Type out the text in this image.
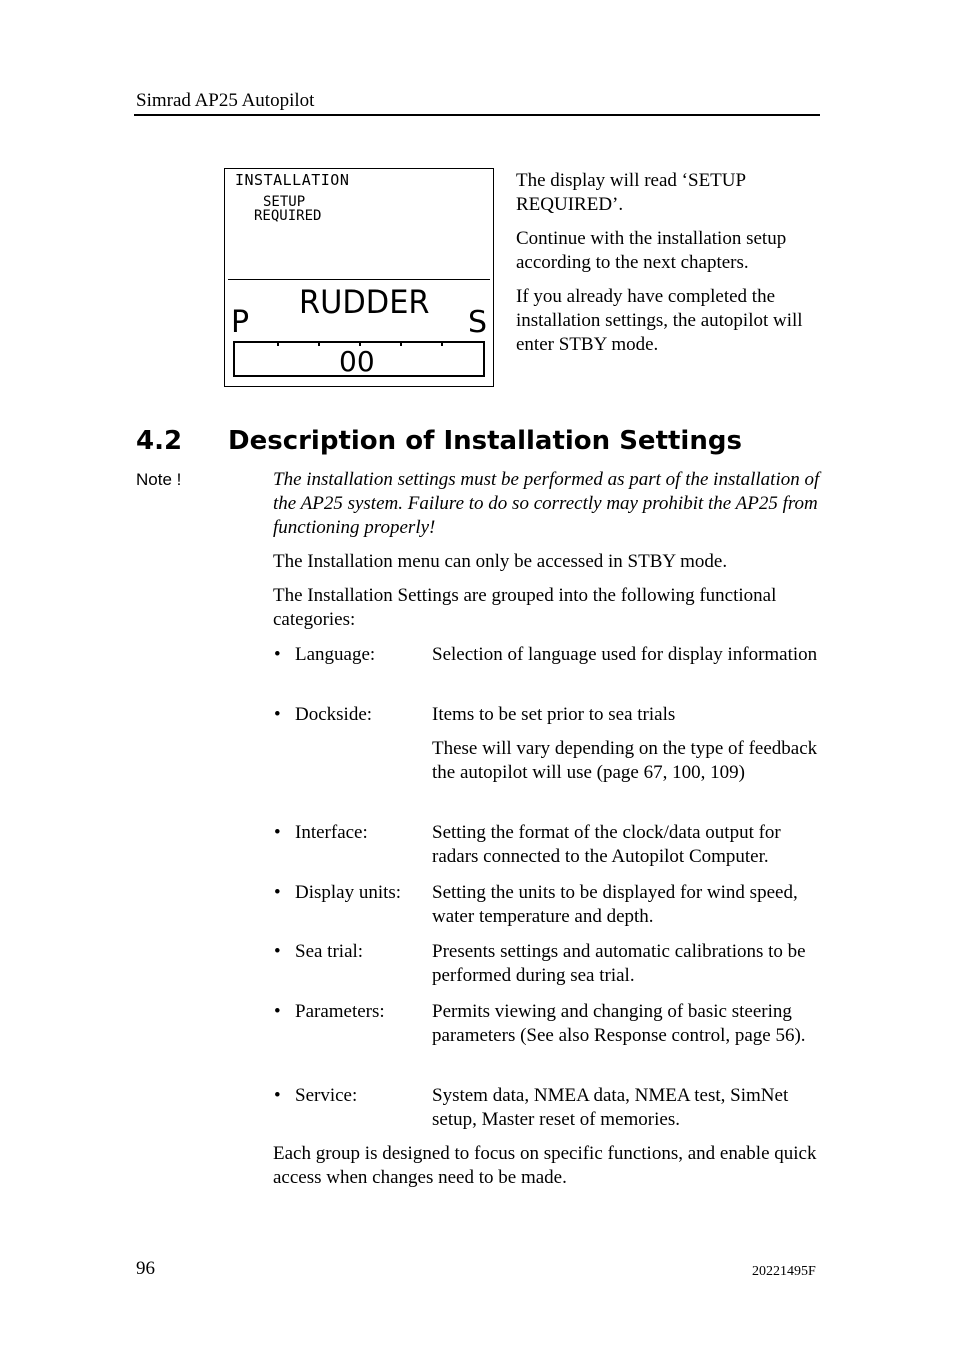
Simrad AP25 Autopilot
INSTALLATION
SETUP
REQUIRED
RUDDER
P	S
00
The display will read ‘SETUP REQUIRED’.
Continue with the installation setup according to the next chapters.
If you already have completed the installation settings, the autopilot will enter STBY mode.
4.2 Description of Installation Settings
Note !	The installation settings must be performed as part of the installation of the AP25 system. Failure to do so correctly may prohibit the AP25 from functioning properly!
The Installation menu can only be accessed in STBY mode.
The Installation Settings are grouped into the following functional categories:
• Language:	Selection of language used for display information
• Dockside:	Items to be set prior to sea trials
These will vary depending on the type of feedback the autopilot will use (page 67, 100, 109)
• Interface:	Setting the format of the clock/data output for radars connected to the Autopilot Computer.
• Display units: Setting the units to be displayed for wind speed, water temperature and depth.
• Sea trial:	Presents settings and automatic calibrations to be performed during sea trial.
• Parameters: Permits viewing and changing of basic steering parameters (See also Response control, page 56).
• Service:	System data, NMEA data, NMEA test, SimNet setup, Master reset of memories.
Each group is designed to focus on specific functions, and enable quick access when changes need to be made.
96	20221495F
